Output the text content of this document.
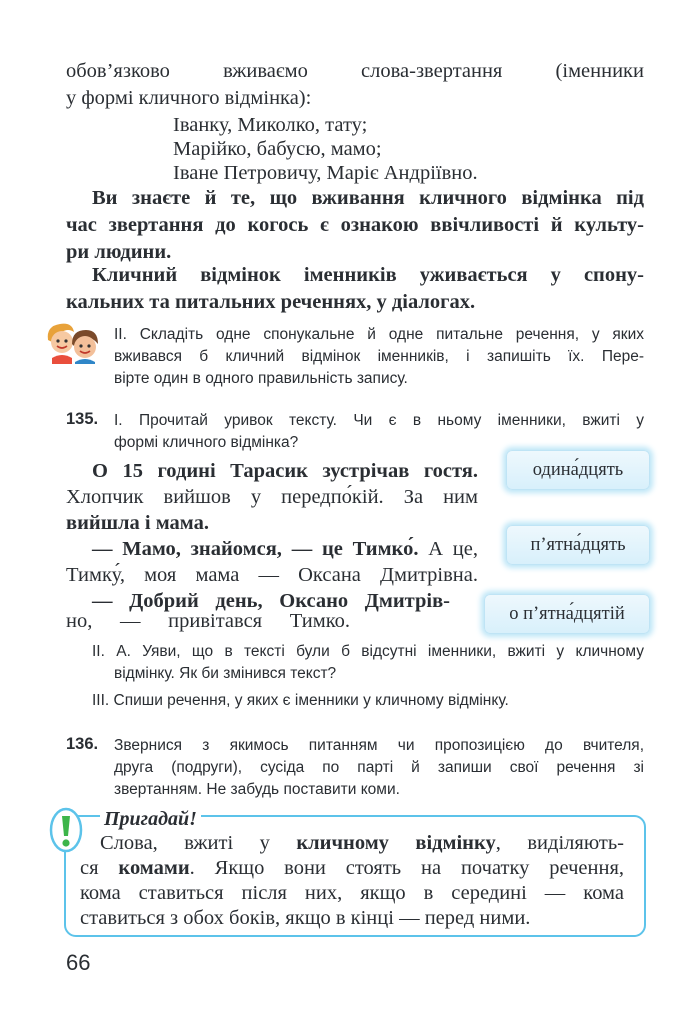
обов’язково вживаємо слова-звертання (іменники
у формі кличного відмінка):
Іванку, Миколко, тату;
Марійко, бабусю, мамо;
Іване Петровичу, Маріє Андріївно.
Ви знаєте й те, що вживання кличного відмінка під
час звертання до когось є ознакою ввічливості й культу-
ри людини.
Кличний відмінок іменників уживається у спону-
кальних та питальних реченнях, у діалогах.
ІІ. Складіть одне спонукальне й одне питальне речення, у яких
вживався б кличний відмінок іменників, і запишіть їх. Пере-
вірте один в одного правильність запису.
135. І. Прочитай уривок тексту. Чи є в ньому іменники, вжиті у
формі кличного відмінка?
О 15 годині Тарасик зустрічав гостя.
Хлопчик вийшов у передпо́кій. За ним
вийшла і мама.
— Мамо, знайомся, — це Тимко́. А це,
Тимку́, моя мама — Оксана Дмитрівна.
— Добрий день, Оксано Дмитрів-
но, — привітався Тимко.
одина́дцять
п’ятна́дцять
о п’ятна́дцятій
ІІ. А. Уяви, що в тексті були б відсутні іменники, вжиті у кличному
відмінку. Як би змінився текст?
ІІІ. Спиши речення, у яких є іменники у кличному відмінку.
136. Звернися з якимось питанням чи пропозицією до вчителя,
друга (подруги), сусіда по парті й запиши свої речення зі
звертанням. Не забудь поставити коми.
Пригадай!
Слова, вжиті у кличному відмінку, виділяють-
ся комами. Якщо вони стоять на початку речення,
кома ставиться після них, якщо в середині — кома
ставиться з обох боків, якщо в кінці — перед ними.
66
